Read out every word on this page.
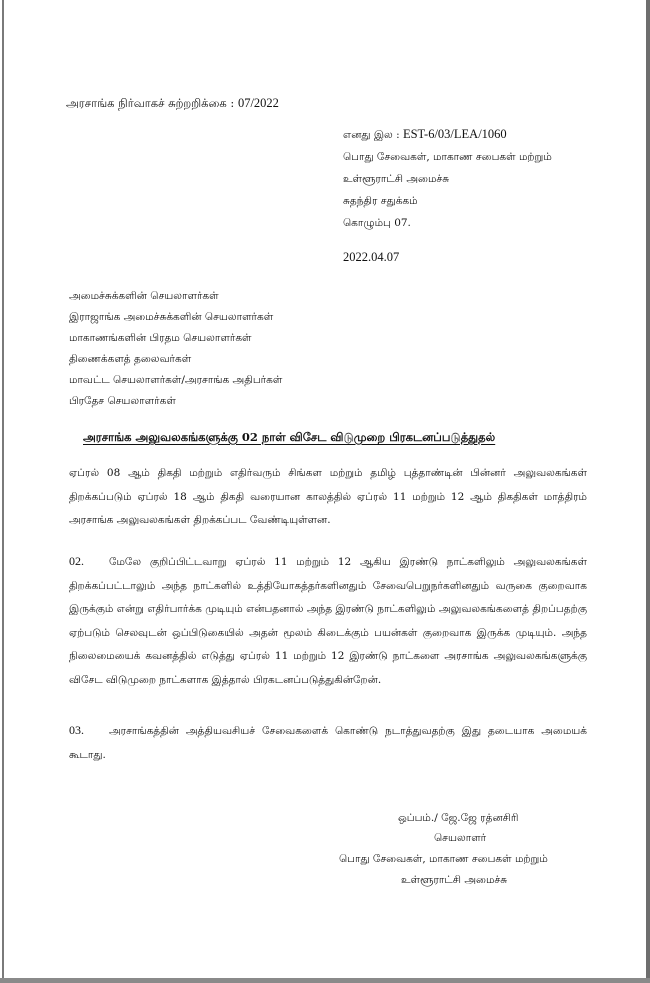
அரசாங்க நிர்வாகச் சுற்றறிக்கை : 07/2022
எனது இல : EST-6/03/LEA/1060
பொது சேவைகள், மாகாண சபைகள் மற்றும்
உள்ளூராட்சி அமைச்சு
சுதந்திர சதுக்கம்
கொழும்பு 07.
2022.04.07
அமைச்சுக்களின் செயலாளர்கள்
இராஜாங்க அமைச்சுக்களின் செயலாளர்கள்
மாகாணங்களின் பிரதம செயலாளர்கள்
திணைக்களத் தலைவர்கள்
மாவட்ட செயலாளர்கள்/அரசாங்க அதிபர்கள்
பிரதேச செயலாளர்கள்
அரசாங்க அலுவலகங்களுக்கு 02 நாள் விசேட விடுமுறை பிரகடனப்படுத்துதல்
ஏப்ரல் 08 ஆம் திகதி மற்றும் எதிர்வரும் சிங்கள மற்றும் தமிழ் புத்தாண்டின் பின்னர் அலுவலகங்கள் திறக்கப்படும் ஏப்ரல் 18 ஆம் திகதி வரையான காலத்தில் ஏப்ரல் 11 மற்றும் 12 ஆம் திகதிகள் மாத்திரம் அரசாங்க அலுவலகங்கள் திறக்கப்பட வேண்டியுள்ளன.
02. மேலே குறிப்பிட்டவாறு ஏப்ரல் 11 மற்றும் 12 ஆகிய இரண்டு நாட்களிலும் அலுவலகங்கள் திறக்கப்பட்டாலும் அந்த நாட்களில் உத்தியோகத்தர்களினதும் சேவைபெறுநர்களினதும் வருகை குறைவாக இருக்கும் என்று எதிர்பார்க்க முடியும் என்பதனால் அந்த இரண்டு நாட்களிலும் அலுவலகங்களைத் திறப்பதற்கு ஏற்படும் செலவுடன் ஒப்பிடுகையில் அதன் மூலம் கிடைக்கும் பயன்கள் குறைவாக இருக்க முடியும். அந்த நிலைமையைக் கவனத்தில் எடுத்து ஏப்ரல் 11 மற்றும் 12 இரண்டு நாட்களை அரசாங்க அலுவலகங்களுக்கு விசேட விடுமுறை நாட்களாக இத்தால் பிரகடனப்படுத்துகின்றேன்.
03. அரசாங்கத்தின் அத்தியவசியச் சேவைகளைக் கொண்டு நடாத்துவதற்கு இது தடையாக அமையக் கூடாது.
ஒப்பம்./ ஜே.ஜே ரத்னசிரி
செயலாளர்
பொது சேவைகள், மாகாண சபைகள் மற்றும்
உள்ளூராட்சி அமைச்சு
